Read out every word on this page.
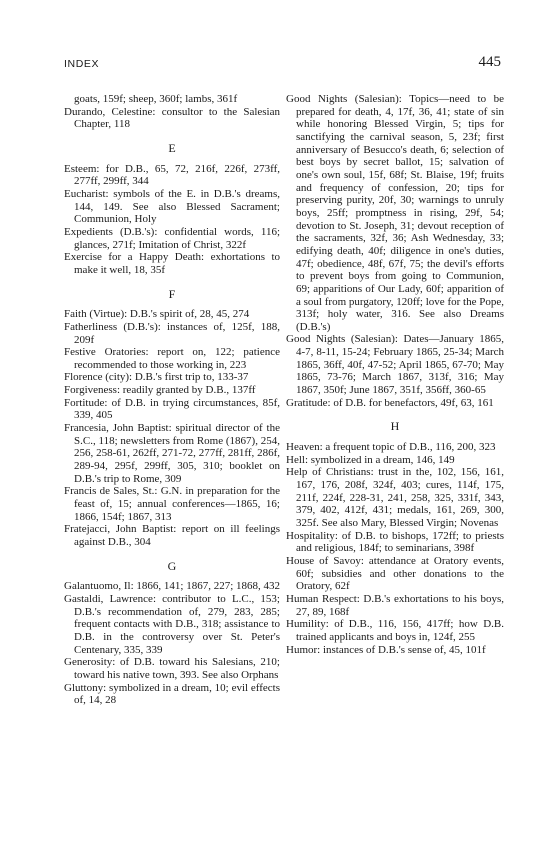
INDEX	445

goats, 159f; sheep, 360f; lambs, 361f

Durando, Celestine: consultor to the Salesian Chapter, 118

E

Esteem: for D.B., 65, 72, 216f, 226f, 273ff, 277ff, 299ff, 344

Eucharist: symbols of the E. in D.B.'s dreams, 144, 149. See also Blessed Sacrament; Communion, Holy

Expedients (D.B.'s): confidential words, 116; glances, 271f; Imitation of Christ, 322f

Exercise for a Happy Death: exhortations to make it well, 18, 35f

F

Faith (Virtue): D.B.'s spirit of, 28, 45, 274

Fatherliness (D.B.'s): instances of, 125f, 188, 209f

Festive Oratories: report on, 122; patience recommended to those working in, 223

Florence (city): D.B.'s first trip to, 133-37

Forgiveness: readily granted by D.B., 137ff

Fortitude: of D.B. in trying circumstances, 85f, 339, 405

Francesia, John Baptist: spiritual director of the S.C., 118; newsletters from Rome (1867), 254, 256, 258-61, 262ff, 271-72, 277ff, 281ff, 286f, 289-94, 295f, 299ff, 305, 310; booklet on D.B.'s trip to Rome, 309

Francis de Sales, St.: G.N. in preparation for the feast of, 15; annual conferences—1865, 16; 1866, 154f; 1867, 313

Fratejacci, John Baptist: report on ill feelings against D.B., 304

G

Galantuomo, Il: 1866, 141; 1867, 227; 1868, 432

Gastaldi, Lawrence: contributor to L.C., 153; D.B.'s recommendation of, 279, 283, 285; frequent contacts with D.B., 318; assistance to D.B. in the controversy over St. Peter's Centenary, 335, 339

Generosity: of D.B. toward his Salesians, 210; toward his native town, 393. See also Orphans

Gluttony: symbolized in a dream, 10; evil effects of, 14, 28

Good Nights (Salesian): Topics—need to be prepared for death, 4, 17f, 36, 41; state of sin while honoring Blessed Virgin, 5; tips for sanctifying the carnival season, 5, 23f; first anniversary of Besucco's death, 6; selection of best boys by secret ballot, 15; salvation of one's own soul, 15f, 68f; St. Blaise, 19f; fruits and frequency of confession, 20; tips for preserving purity, 20f, 30; warnings to unruly boys, 25ff; promptness in rising, 29f, 54; devotion to St. Joseph, 31; devout reception of the sacraments, 32f, 36; Ash Wednesday, 33; edifying death, 40f; diligence in one's duties, 47f; obedience, 48f, 67f, 75; the devil's efforts to prevent boys from going to Communion, 69; apparitions of Our Lady, 60f; apparition of a soul from purgatory, 120ff; love for the Pope, 313f; holy water, 316. See also Dreams (D.B.'s)

Good Nights (Salesian): Dates—January 1865, 4-7, 8-11, 15-24; February 1865, 25-34; March 1865, 36ff, 40f, 47-52; April 1865, 67-70; May 1865, 73-76; March 1867, 313f, 316; May 1867, 350f; June 1867, 351f, 356ff, 360-65

Gratitude: of D.B. for benefactors, 49f, 63, 161

H

Heaven: a frequent topic of D.B., 116, 200, 323

Hell: symbolized in a dream, 146, 149

Help of Christians: trust in the, 102, 156, 161, 167, 176, 208f, 324f, 403; cures, 114f, 175, 211f, 224f, 228-31, 241, 258, 325, 331f, 343, 379, 402, 412f, 431; medals, 161, 269, 300, 325f. See also Mary, Blessed Virgin; Novenas

Hospitality: of D.B. to bishops, 172ff; to priests and religious, 184f; to seminarians, 398f

House of Savoy: attendance at Oratory events, 60f; subsidies and other donations to the Oratory, 62f

Human Respect: D.B.'s exhortations to his boys, 27, 89, 168f

Humility: of D.B., 116, 156, 417ff; how D.B. trained applicants and boys in, 124f, 255

Humor: instances of D.B.'s sense of, 45, 101f
